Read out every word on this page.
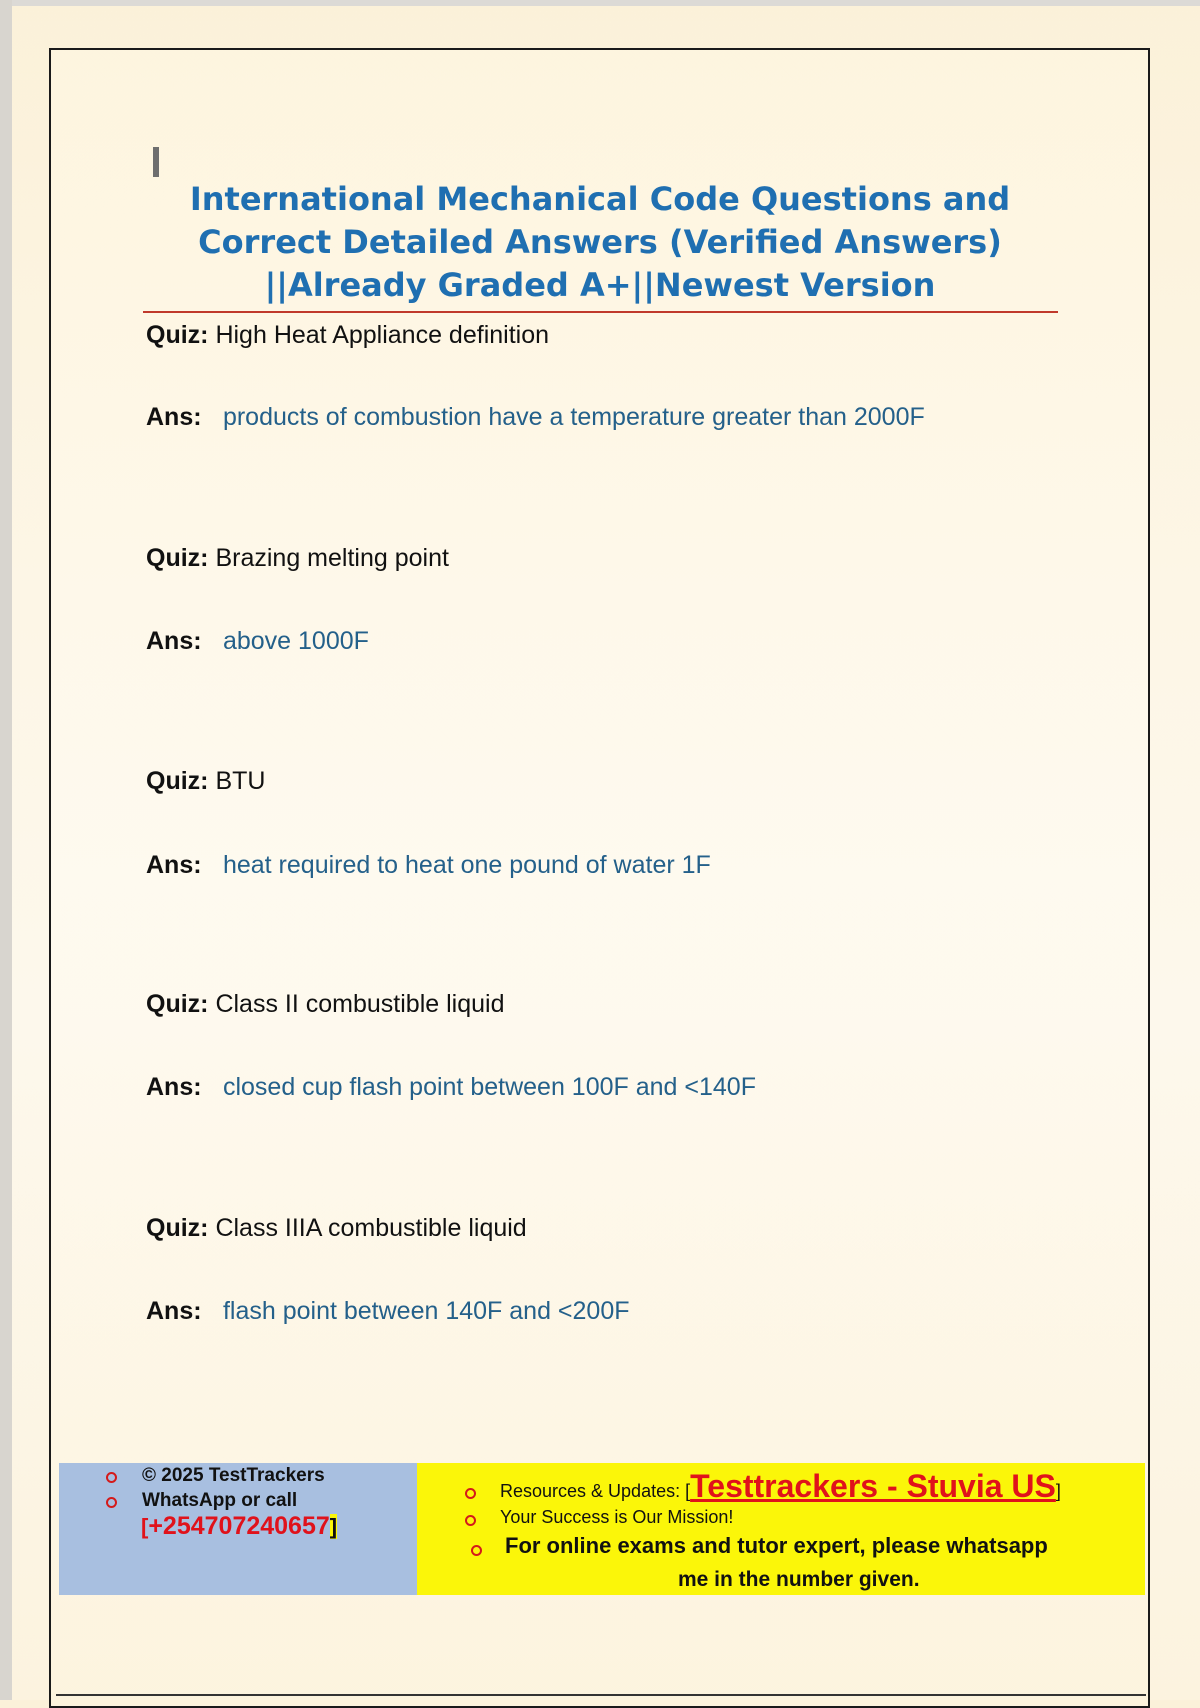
International Mechanical Code Questions and
Correct Detailed Answers (Verified Answers)
||Already Graded A+||Newest Version
Quiz: High Heat Appliance definition
Ans: products of combustion have a temperature greater than 2000F
Quiz: Brazing melting point
Ans: above 1000F
Quiz: BTU
Ans: heat required to heat one pound of water 1F
Quiz: Class II combustible liquid
Ans: closed cup flash point between 100F and <140F
Quiz: Class IIIA combustible liquid
Ans: flash point between 140F and <200F
© 2025 TestTrackers
WhatsApp or call
[+254707240657]
Resources & Updates: [Testtrackers - Stuvia US]
Your Success is Our Mission!
For online exams and tutor expert, please whatsapp
me in the number given.
